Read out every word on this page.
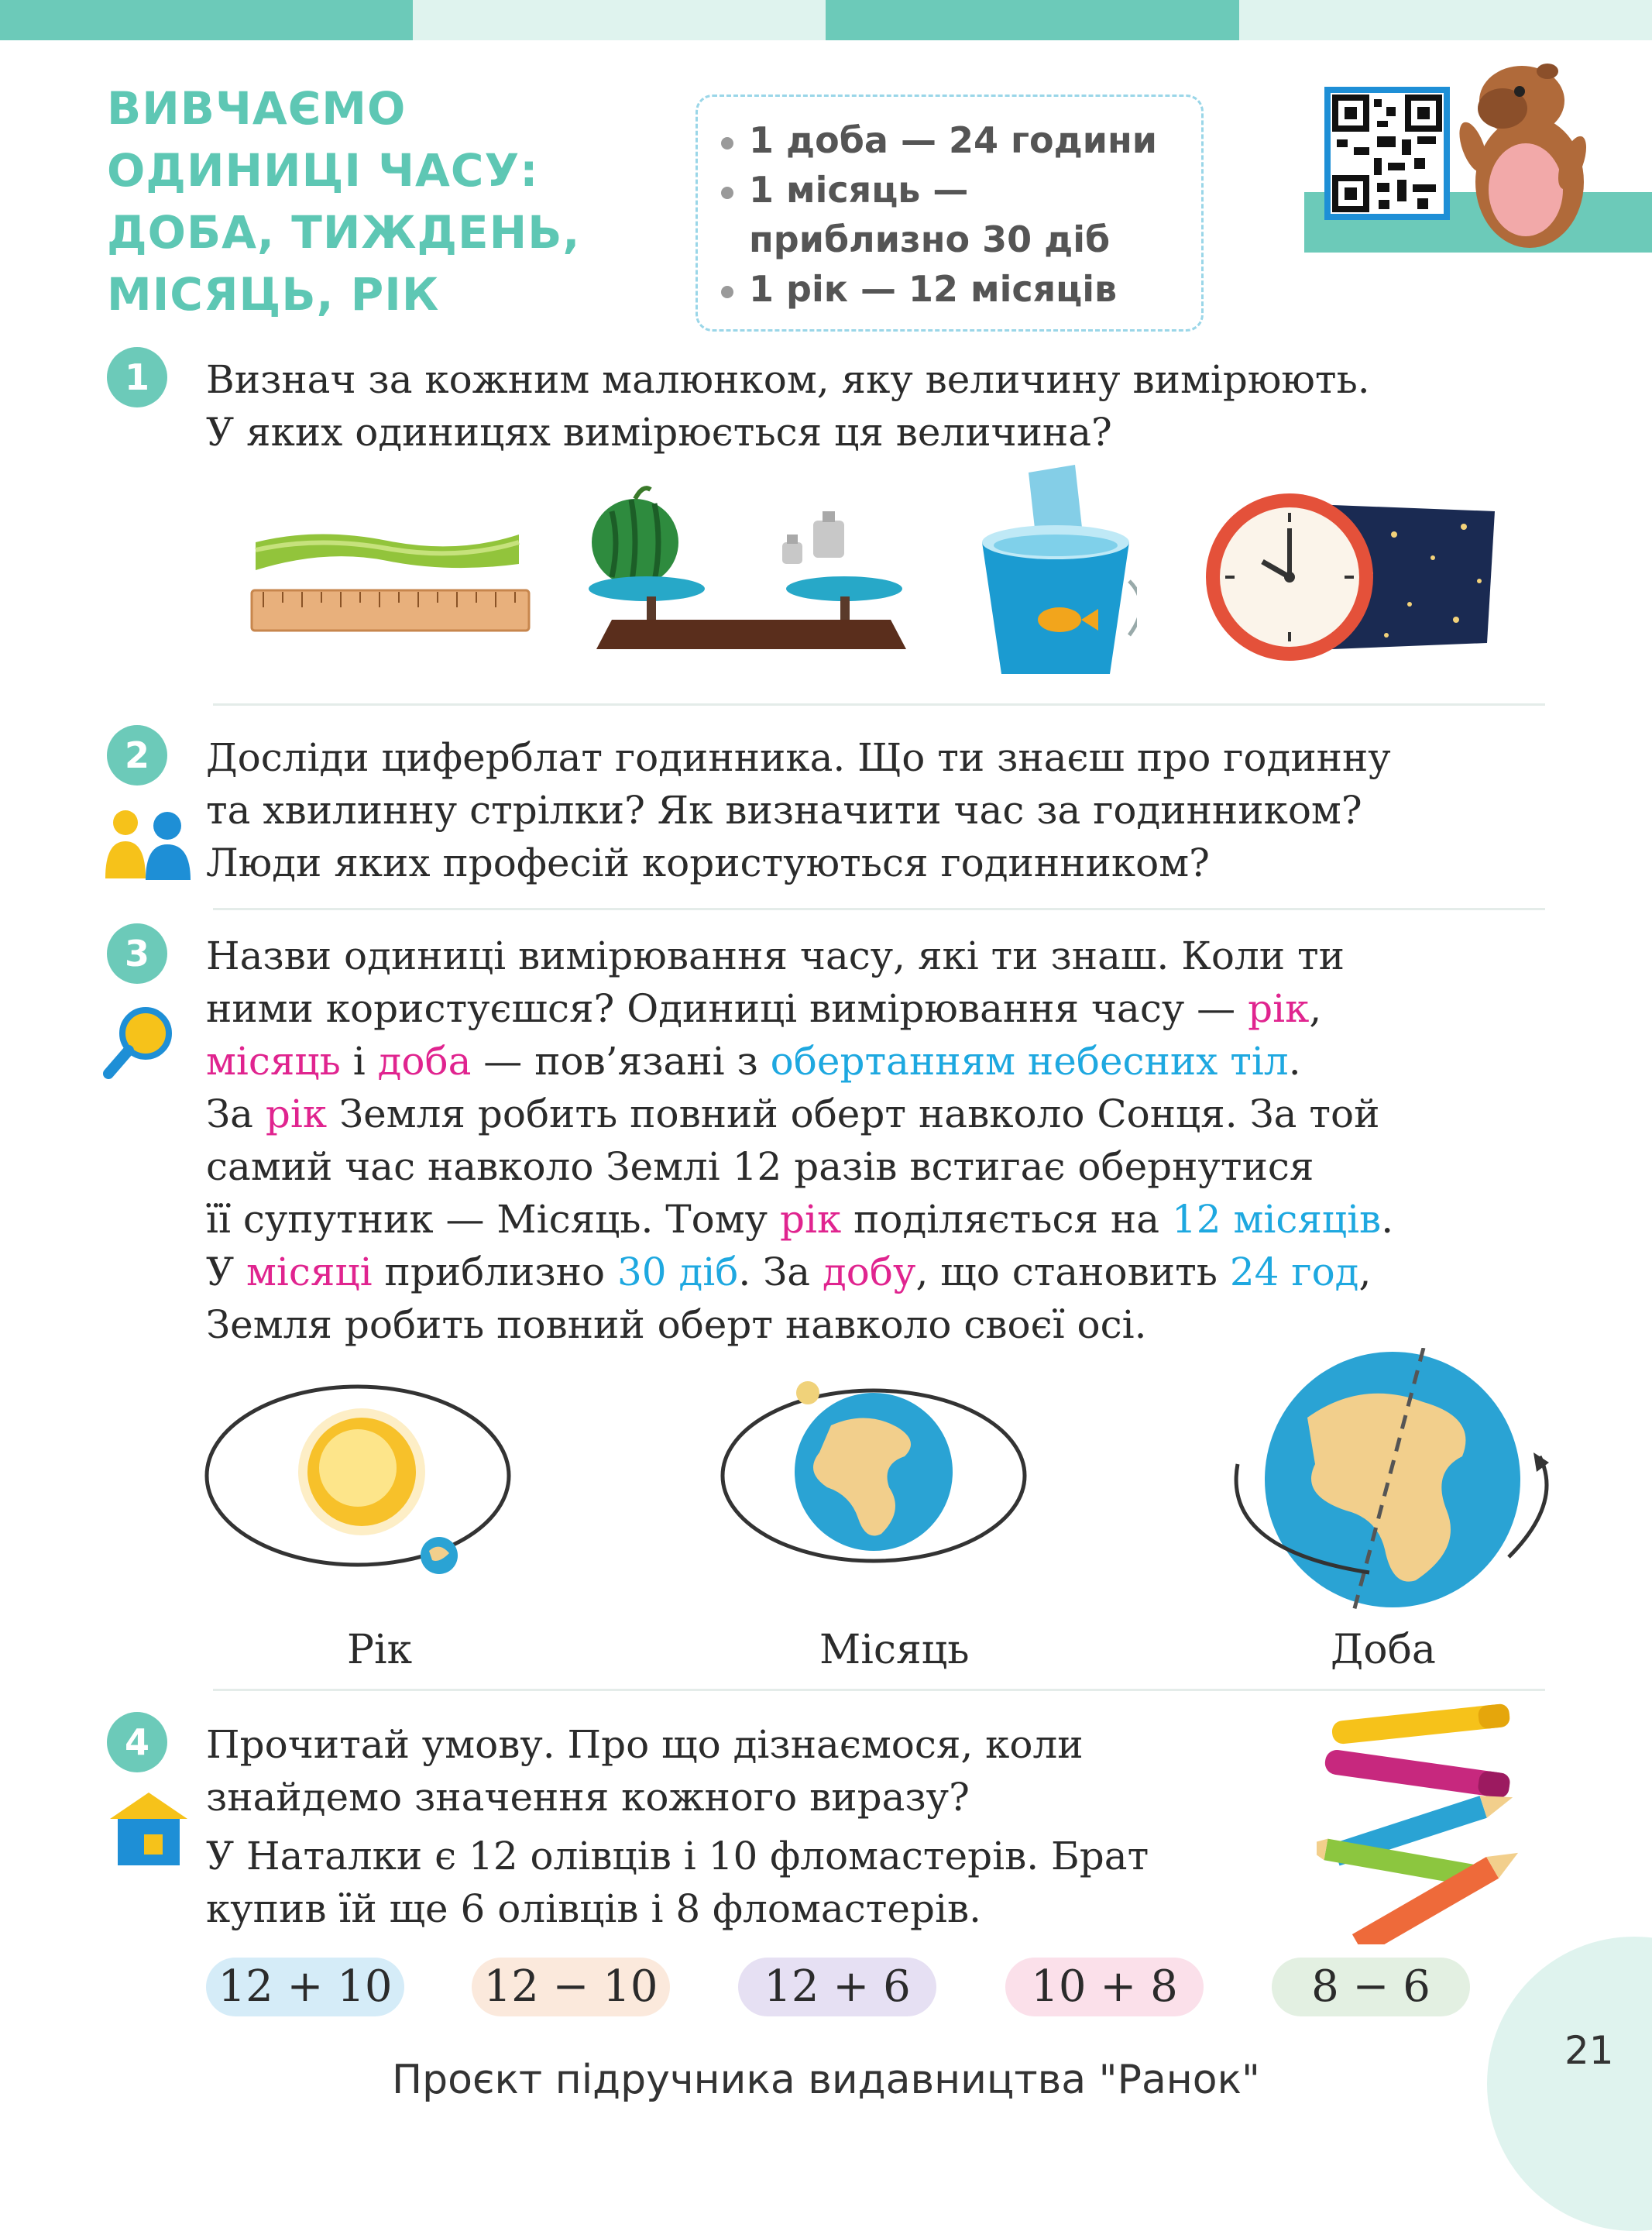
ВИВЧАЄМО
ОДИНИЦІ ЧАСУ:
ДОБА, ТИЖДЕНЬ,
МІСЯЦЬ, РІК
1 доба — 24 години
1 місяць —
приблизно 30 діб
1 рік — 12 місяців
1	Визнач за кожним малюнком, яку величину вимірюють.
У яких одиницях вимірюється ця величина?
2	Досліди циферблат годинника. Що ти знаєш про годинну
та хвилинну стрілки? Як визначити час за годинником?
Люди яких професій користуються годинником?
3	Назви одиниці вимірювання часу, які ти знаш. Коли ти
ними користуєшся? Одиниці вимірювання часу — рік,
місяць і доба — пов’язані з обертанням небесних тіл.
За рік Земля робить повний оберт навколо Сонця. За той
самий час навколо Землі 12 разів встигає обернутися
її супутник — Місяць. Тому рік поділяється на 12 місяців.
У місяці приблизно 30 діб. За добу, що становить 24 год,
Земля робить повний оберт навколо своєї осі.
Рік	Місяць	Доба
4	Прочитай умову. Про що дізнаємося, коли
знайдемо значення кожного виразу?
У Наталки є 12 олівців і 10 фломастерів. Брат
купив їй ще 6 олівців і 8 фломастерів.
12 + 10 12 − 10	12 + 6	10 + 8	8 − 6
21
Проєкт підручника видавництва "Ранок"
